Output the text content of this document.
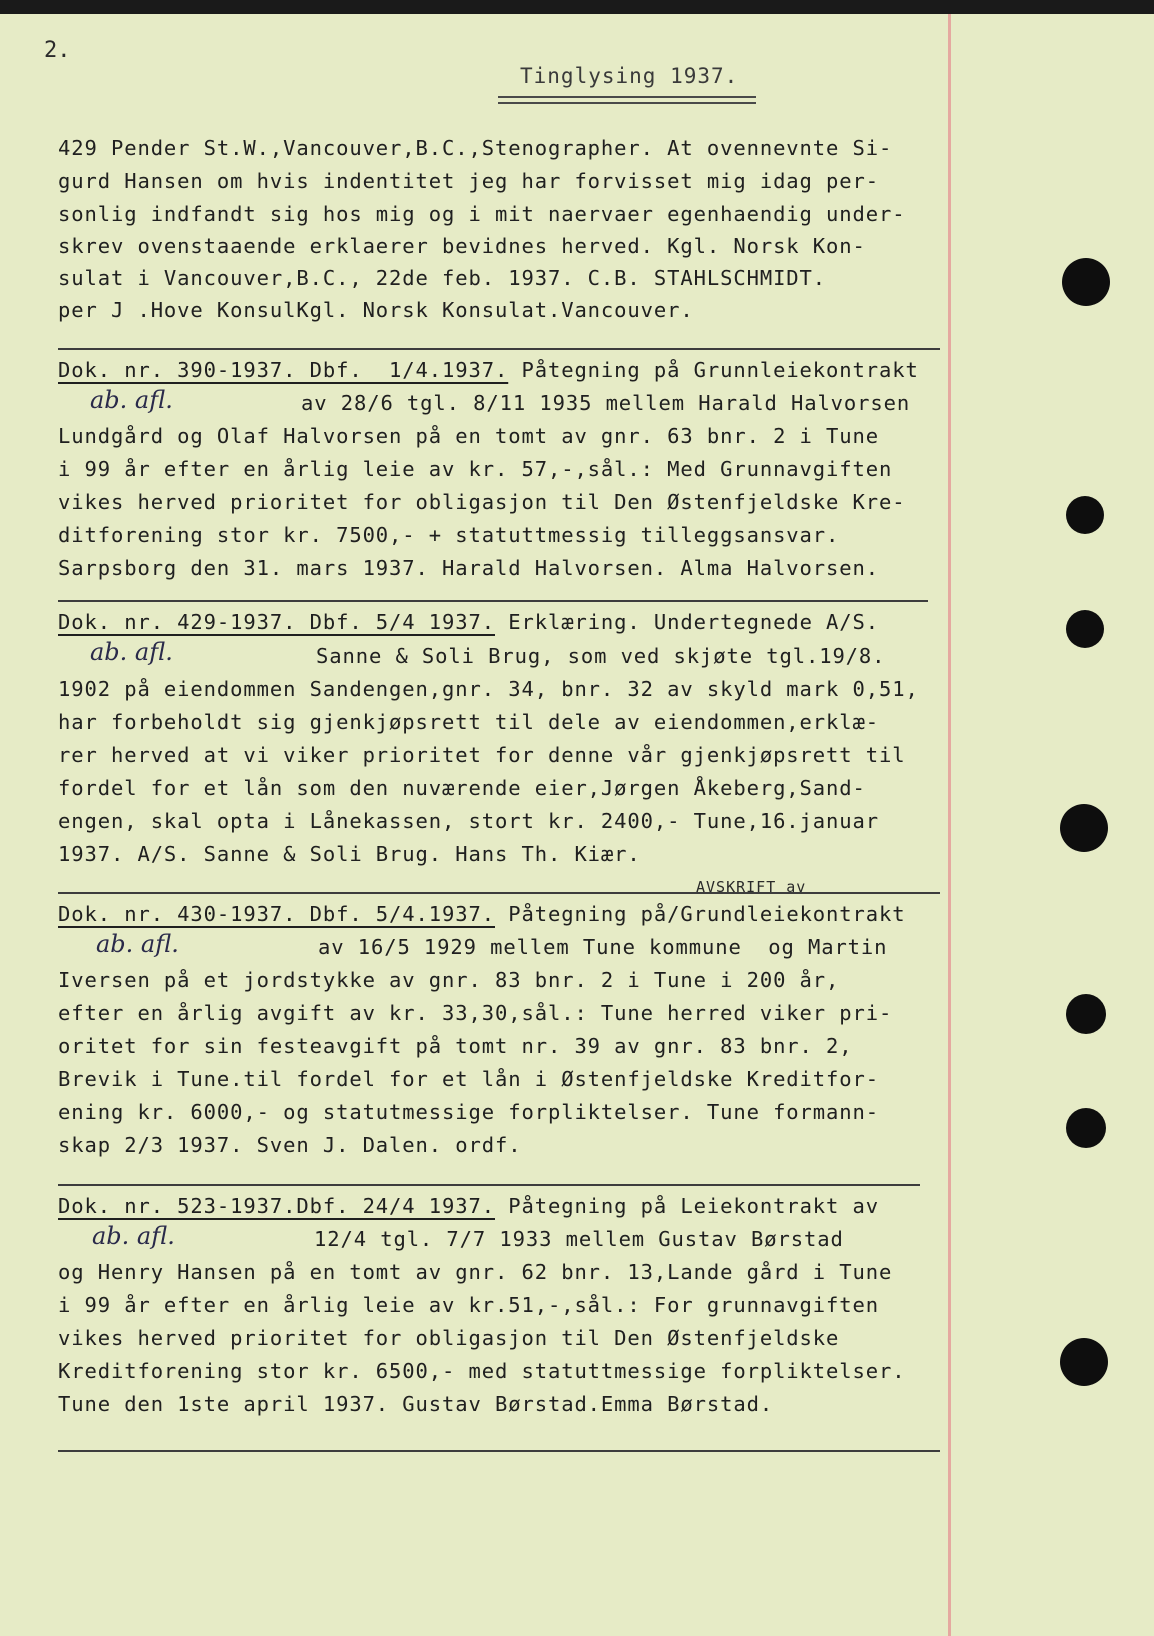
2.
Tinglysing 1937.
429 Pender St.W.,Vancouver,B.C.,Stenographer. At ovennevnte Si-
gurd Hansen om hvis indentitet jeg har forvisset mig idag per-
sonlig indfandt sig hos mig og i mit naervaer egenhaendig under-
skrev ovenstaaende erklaerer bevidnes herved. Kgl. Norsk Kon-
sulat i Vancouver,B.C., 22de feb. 1937. C.B. STAHLSCHMIDT.
per J .Hove KonsulKgl. Norsk Konsulat.Vancouver.
Dok. nr. 390-1937. Dbf.  1/4.1937. Påtegning på Grunnleiekontrakt
ab. afl.	av 28/6 tgl. 8/11 1935 mellem Harald Halvorsen
Lundgård og Olaf Halvorsen på en tomt av gnr. 63 bnr. 2 i Tune
i 99 år efter en årlig leie av kr. 57,-,sål.: Med Grunnavgiften
vikes herved prioritet for obligasjon til Den Østenfjeldske Kre-
ditforening stor kr. 7500,- + statuttmessig tilleggsansvar.
Sarpsborg den 31. mars 1937. Harald Halvorsen. Alma Halvorsen.
Dok. nr. 429-1937. Dbf. 5/4 1937. Erklæring. Undertegnede A/S.
ab. afl.	Sanne & Soli Brug, som ved skjøte tgl.19/8.
1902 på eiendommen Sandengen,gnr. 34, bnr. 32 av skyld mark 0,51,
har forbeholdt sig gjenkjøpsrett til dele av eiendommen,erklæ-
rer herved at vi viker prioritet for denne vår gjenkjøpsrett til
fordel for et lån som den nuværende eier,Jørgen Åkeberg,Sand-
engen, skal opta i Lånekassen, stort kr. 2400,- Tune,16.januar
1937. A/S. Sanne & Soli Brug. Hans Th. Kiær.
AVSKRIFT av
Dok. nr. 430-1937. Dbf. 5/4.1937. Påtegning på/Grundleiekontrakt
ab. afl.	av 16/5 1929 mellem Tune kommune  og Martin
Iversen på et jordstykke av gnr. 83 bnr. 2 i Tune i 200 år,
efter en årlig avgift av kr. 33,30,sål.: Tune herred viker pri-
oritet for sin festeavgift på tomt nr. 39 av gnr. 83 bnr. 2,
Brevik i Tune.til fordel for et lån i Østenfjeldske Kreditfor-
ening kr. 6000,- og statutmessige forpliktelser. Tune formann-
skap 2/3 1937. Sven J. Dalen. ordf.
Dok. nr. 523-1937.Dbf. 24/4 1937. Påtegning på Leiekontrakt av
ab. afl.	12/4 tgl. 7/7 1933 mellem Gustav Børstad
og Henry Hansen på en tomt av gnr. 62 bnr. 13,Lande gård i Tune
i 99 år efter en årlig leie av kr.51,-,sål.: For grunnavgiften
vikes herved prioritet for obligasjon til Den Østenfjeldske
Kreditforening stor kr. 6500,- med statuttmessige forpliktelser.
Tune den 1ste april 1937. Gustav Børstad.Emma Børstad.
